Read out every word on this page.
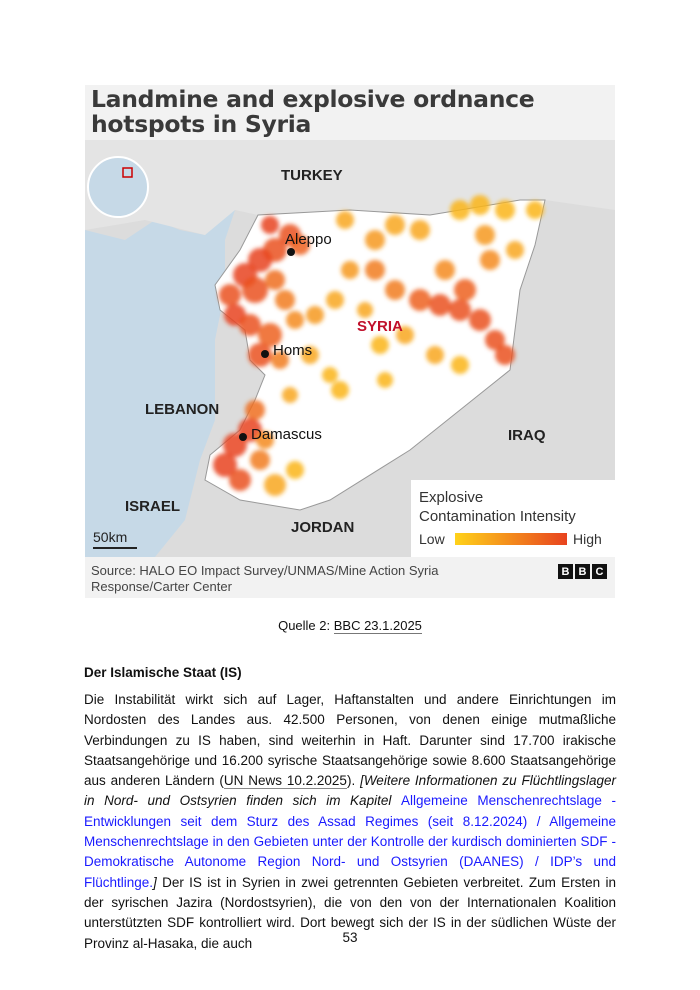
Landmine and explosive ordnance
hotspots in Syria
TURKEY
Aleppo
SYRIA
Homs
LEBANON
Damascus	IRAQ
ISRAEL
JORDAN
50km
Explosive
Contamination Intensity
Low	High
Source: HALO EO Impact Survey/UNMAS/Mine Action Syria
Response/Carter Center
B B C
Quelle 2: BBC 23.1.2025
Der Islamische Staat (IS)
Die Instabilität wirkt sich auf Lager, Haftanstalten und andere Einrichtungen im Nordosten des Landes aus. 42.500 Personen, von denen einige mutmaßliche Verbindungen zu IS haben, sind weiterhin in Haft. Darunter sind 17.700 irakische Staatsangehörige und 16.200 syrische Staatsangehörige sowie 8.600 Staatsangehörige aus anderen Ländern (UN News 10.2.2025). [Weitere Informationen zu Flüchtlingslager in Nord- und Ostsyrien finden sich im Kapitel Allgemeine Menschenrechtslage - Entwicklungen seit dem Sturz des Assad Regimes (seit 8.12.2024) / Allgemeine Menschenrechtslage in den Gebieten unter der Kontrolle der kurdisch dominierten SDF - Demokratische Autonome Region Nord- und Ostsyrien (DAANES) / IDP’s und Flüchtlinge.] Der IS ist in Syrien in zwei getrennten Gebieten verbreitet. Zum Ersten in der syrischen Jazira (Nordostsyrien), die von den von der Internationalen Koalition unterstützten SDF kontrolliert wird. Dort bewegt sich der IS in der südlichen Wüste der Provinz al-Hasaka, die auch	53
